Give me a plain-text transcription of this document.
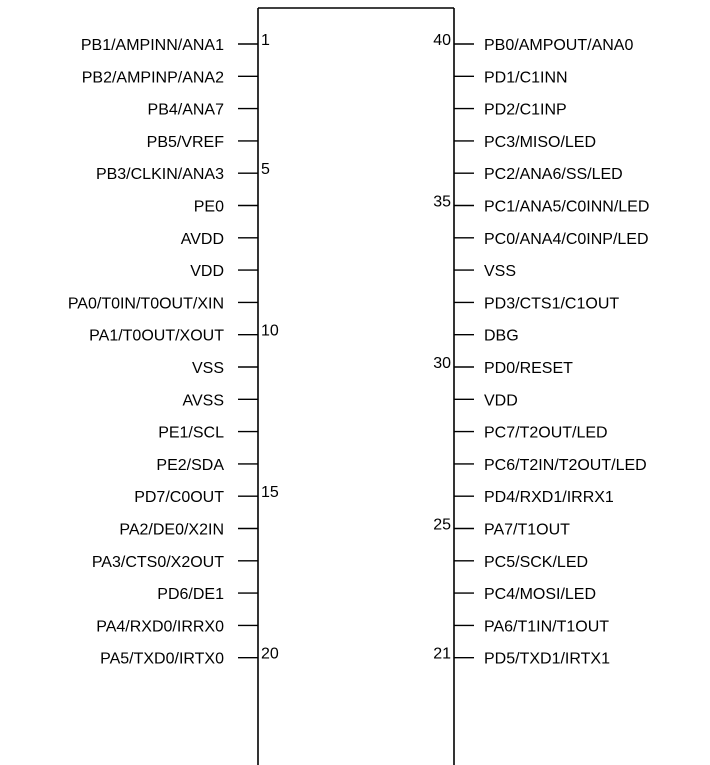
PB1/AMPINN/ANA1 1
PB2/AMPINP/ANA2
PB4/ANA7
PB5/VREF
PB3/CLKIN/ANA3 5
PE0
AVDD
VDD
PA0/T0IN/T0OUT/XIN
PA1/T0OUT/XOUT 10
VSS
AVSS
PE1/SCL
PE2/SDA
PD7/C0OUT 15
PA2/DE0/X2IN
PA3/CTS0/X2OUT
PD6/DE1
PA4/RXD0/IRRX0
PA5/TXD0/IRTX0 20
PB0/AMPOUT/ANA0
40
PD1/C1INN
PD2/C1INP
PC3/MISO/LED
PC2/ANA6/SS/LED
PC1/ANA5/C0INN/LED
35
PC0/ANA4/C0INP/LED
VSS
PD3/CTS1/C1OUT
DBG
PD0/RESET
30
VDD
PC7/T2OUT/LED
PC6/T2IN/T2OUT/LED
PD4/RXD1/IRRX1
PA7/T1OUT
25
PC5/SCK/LED
PC4/MOSI/LED
PA6/T1IN/T1OUT
PD5/TXD1/IRTX1
21
